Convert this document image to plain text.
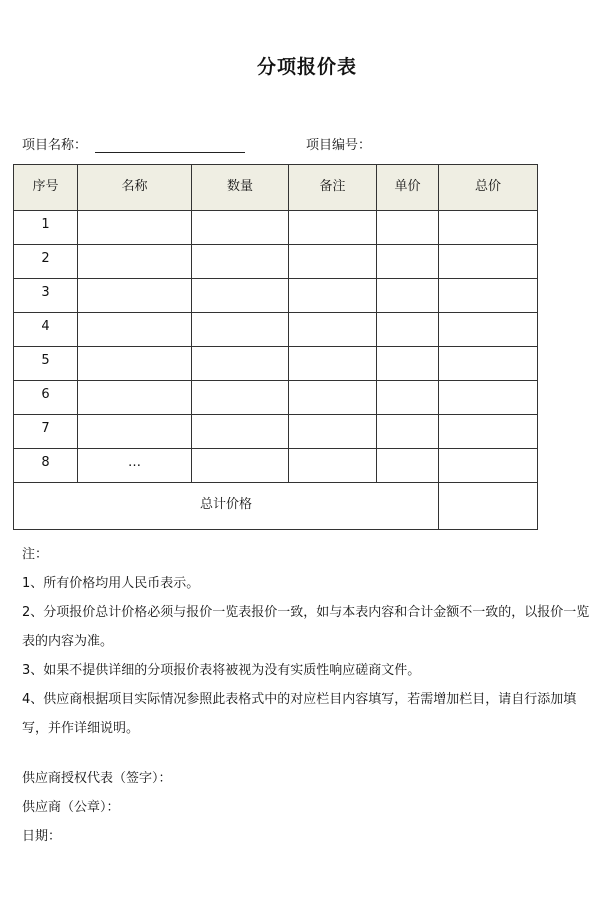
分项报价表
项目名称：	项目编号：
序号	名称	数量	备注	单价	总价
1					
2					
3					
4					
5					
6					
7					
8	…				
总计价格					

注：

1、所有价格均用人民币表示。

2、分项报价总计价格必须与报价一览表报价一致，如与本表内容和合计金额不一致的，以报价一览表的内容为准。

3、如果不提供详细的分项报价表将被视为没有实质性响应磋商文件。

4、供应商根据项目实际情况参照此表格式中的对应栏目内容填写，若需增加栏目，请自行添加填写，并作详细说明。

供应商授权代表（签字）：

供应商（公章）：

日期：
